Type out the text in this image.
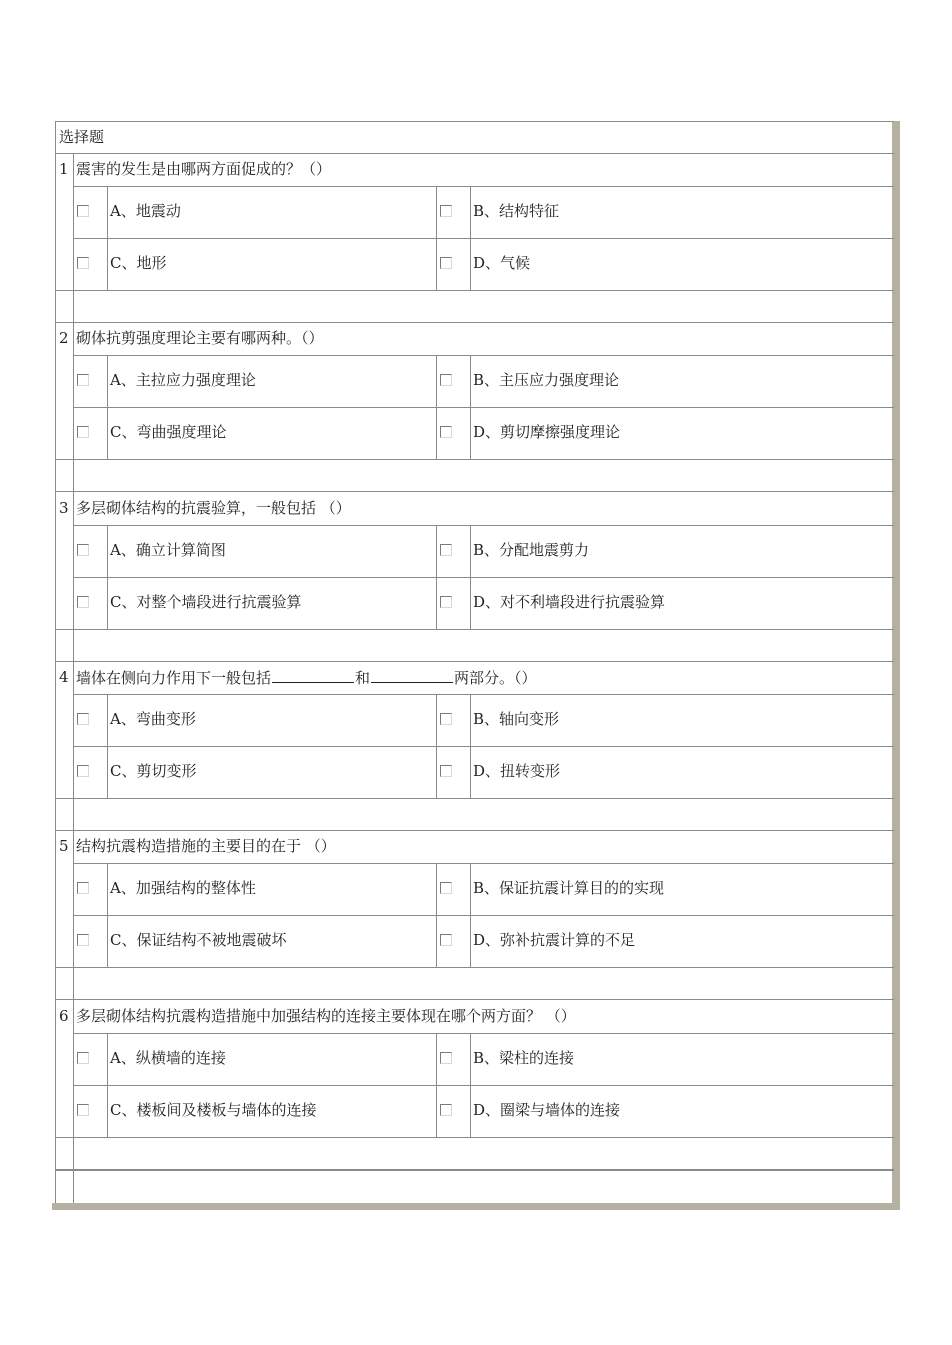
选择题
1 震害的发生是由哪两方面促成的？（）
A、地震动	B、结构特征
C、地形	D、气候
2 砌体抗剪强度理论主要有哪两种。（）
A、主拉应力强度理论	B、主压应力强度理论
C、弯曲强度理论	D、剪切摩擦强度理论
3 多层砌体结构的抗震验算，一般包括 （）
A、确立计算简图	B、分配地震剪力
C、对整个墙段进行抗震验算	D、对不利墙段进行抗震验算
4 墙体在侧向力作用下一般包括	和	两部分。（）
A、弯曲变形	B、轴向变形
C、剪切变形	D、扭转变形
5 结构抗震构造措施的主要目的在于 （）
A、加强结构的整体性	B、保证抗震计算目的的实现
C、保证结构不被地震破坏	D、弥补抗震计算的不足
6 多层砌体结构抗震构造措施中加强结构的连接主要体现在哪个两方面？ （）
A、纵横墙的连接	B、梁柱的连接
C、楼板间及楼板与墙体的连接	D、圈梁与墙体的连接
